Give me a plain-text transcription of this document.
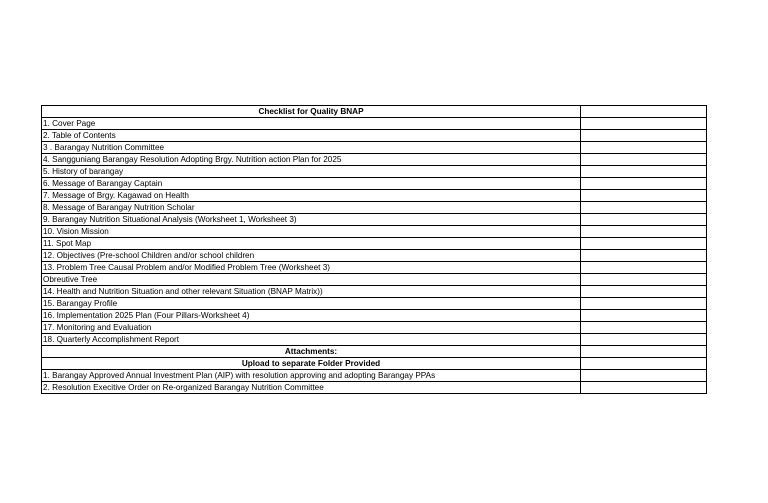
Checklist for Quality BNAP	
1. Cover Page	
2. Table of Contents	
3 . Barangay Nutrition Committee	
4. Sangguniang Barangay Resolution Adopting Brgy. Nutrition action Plan for 2025	
5. History of barangay	
6. Message of Barangay Captain	
7. Message of Brgy. Kagawad on Health	
8. Message of Barangay Nutrition Scholar	
9. Barangay Nutrition Situational Analysis (Worksheet 1, Worksheet 3)	
10. Vision Mission	
11. Spot Map	
12. Objectives (Pre-school Children and/or school children	
13. Problem Tree Causal Problem and/or Modified Problem Tree (Worksheet 3)	
Obreutive Tree	
14. Health and Nutrition Situation and other relevant Situation (BNAP Matrix))	
15. Barangay Profile	
16. Implementation 2025 Plan (Four Pillars-Worksheet 4)	
17. Monitoring and Evaluation	
18. Quarterly Accomplishment Report	
Attachments:	
Upload to separate Folder Provided	
1. Barangay Approved Annual Investment Plan (AIP) with resolution approving and adopting Barangay PPAs	
2. Resolution Execitive Order on Re-organized Barangay Nutrition Committee	
